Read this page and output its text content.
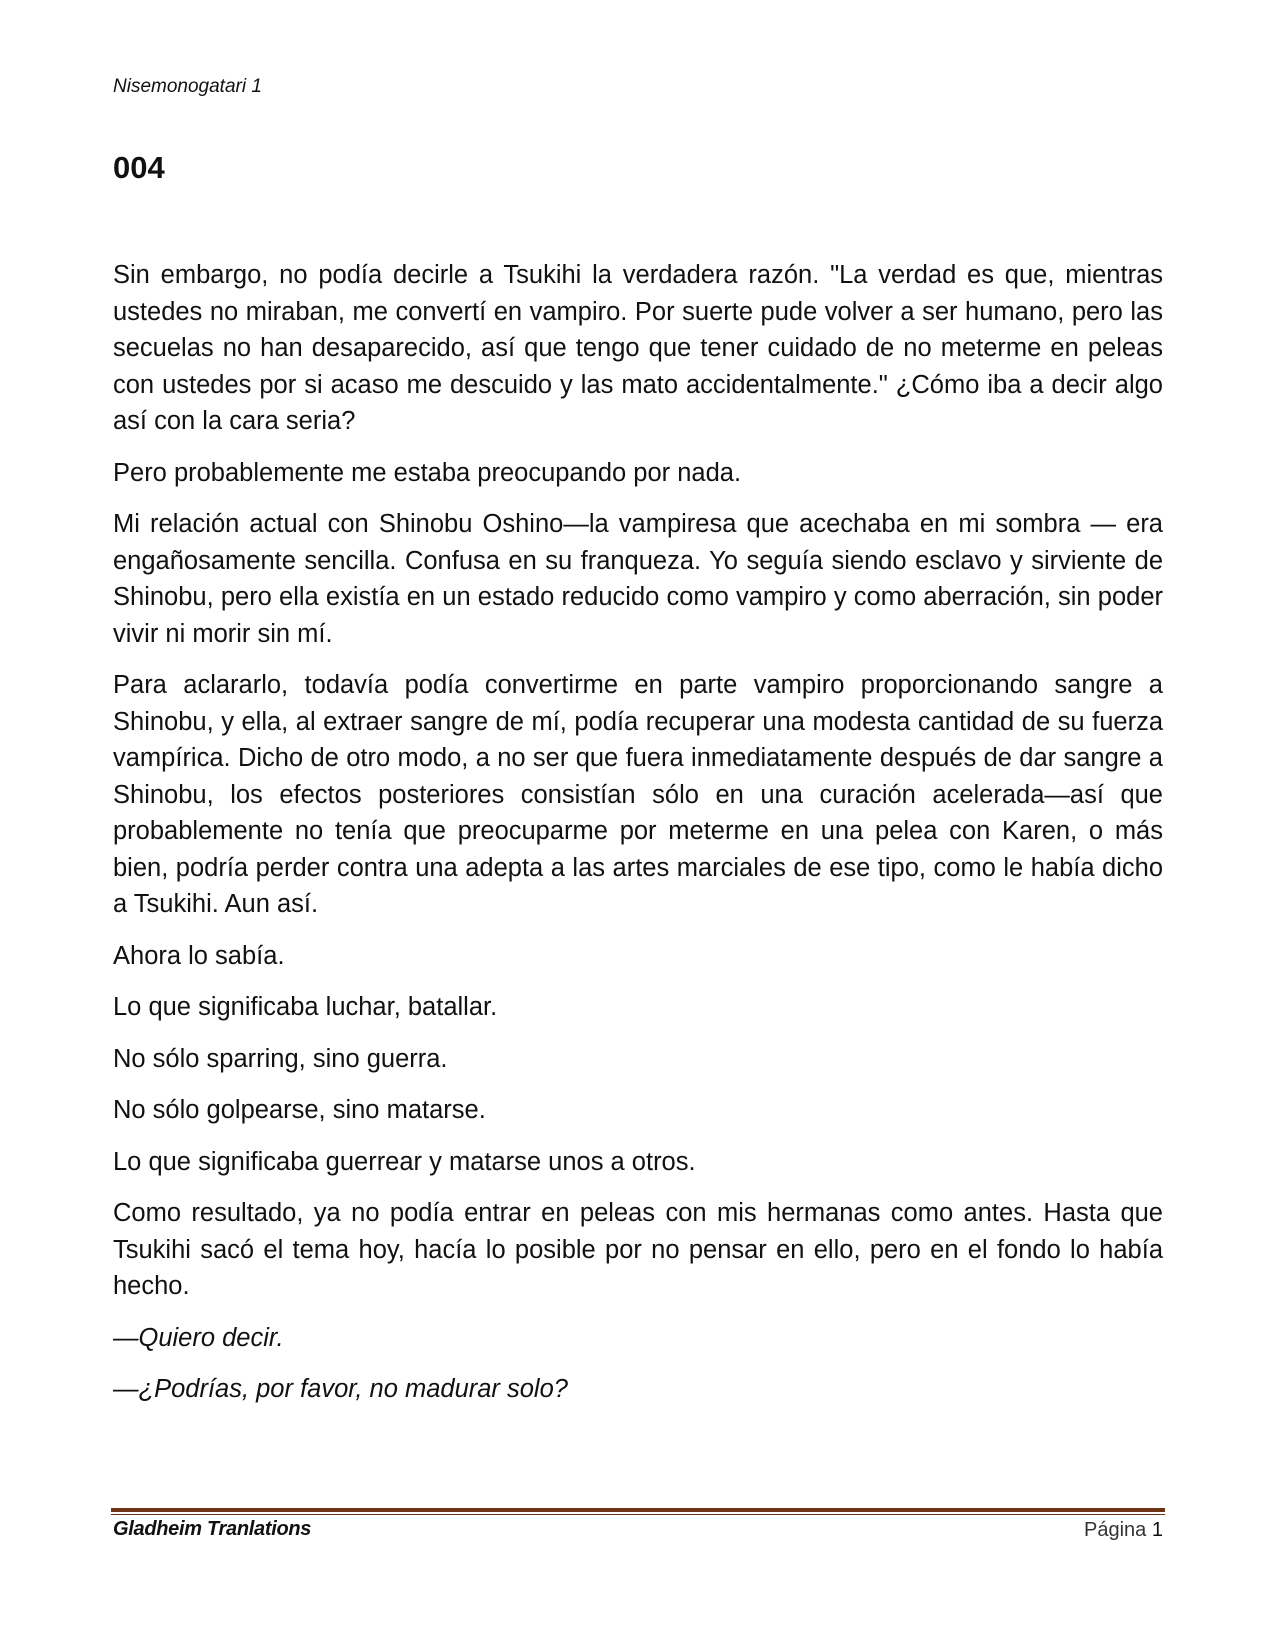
Nisemonogatari 1
004

Sin embargo, no podía decirle a Tsukihi la verdadera razón. "La verdad es que, mientras ustedes no miraban, me convertí en vampiro. Por suerte pude volver a ser humano, pero las secuelas no han desaparecido, así que tengo que tener cuidado de no meterme en peleas con ustedes por si acaso me descuido y las mato accidentalmente." ¿Cómo iba a decir algo así con la cara seria?

Pero probablemente me estaba preocupando por nada.

Mi relación actual con Shinobu Oshino—la vampiresa que acechaba en mi sombra — era engañosamente sencilla. Confusa en su franqueza. Yo seguía siendo esclavo y sirviente de Shinobu, pero ella existía en un estado reducido como vampiro y como aberración, sin poder vivir ni morir sin mí.

Para aclararlo, todavía podía convertirme en parte vampiro proporcionando sangre a Shinobu, y ella, al extraer sangre de mí, podía recuperar una modesta cantidad de su fuerza vampírica. Dicho de otro modo, a no ser que fuera inmediatamente después de dar sangre a Shinobu, los efectos posteriores consistían sólo en una curación acelerada—así que probablemente no tenía que preocuparme por meterme en una pelea con Karen, o más bien, podría perder contra una adepta a las artes marciales de ese tipo, como le había dicho a Tsukihi. Aun así.

Ahora lo sabía.

Lo que significaba luchar, batallar.

No sólo sparring, sino guerra.

No sólo golpearse, sino matarse.

Lo que significaba guerrear y matarse unos a otros.

Como resultado, ya no podía entrar en peleas con mis hermanas como antes. Hasta que Tsukihi sacó el tema hoy, hacía lo posible por no pensar en ello, pero en el fondo lo había hecho.

—Quiero decir.

—¿Podrías, por favor, no madurar solo?

Gladheim Tranlations	Página 1
